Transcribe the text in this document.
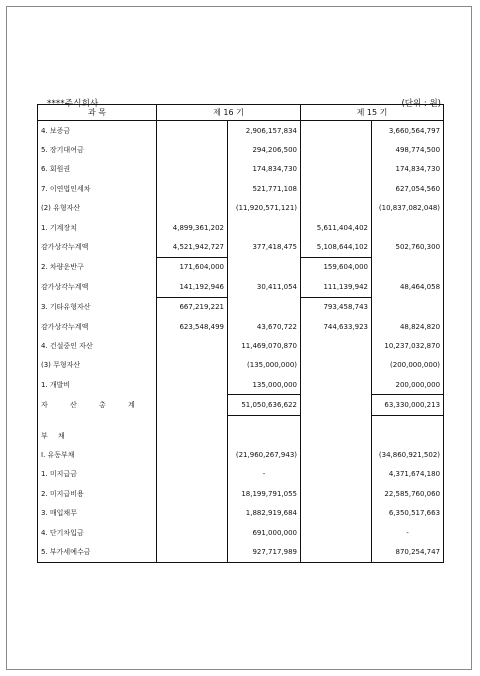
****주식회사	(단위 : 원)
과 목	제 16 기		제 15 기	
4. 보증금		2,906,157,834		3,660,564,797
5. 장기대여금		294,206,500		498,774,500
6. 회원권		174,834,730		174,834,730
7. 이연법인세차		521,771,108		627,054,560
(2) 유형자산		(11,920,571,121)		(10,837,082,048)
1. 기계장치	4,899,361,202		5,611,404,402	
감가상각누계액	4,521,942,727	377,418,475	5,108,644,102	502,760,300
2. 차량운반구	171,604,000		159,604,000	
감가상각누계액	141,192,946	30,411,054	111,139,942	48,464,058
3. 기타유형자산	667,219,221		793,458,743	
감가상각누계액	623,548,499	43,670,722	744,633,923	48,824,820
4. 건설중인 자산		11,469,070,870		10,237,032,870
(3) 무형자산		(135,000,000)		(200,000,000)
1. 개발비		135,000,000		200,000,000
자 산 총 계		51,050,636,622		63,330,000,213

부 채				
I. 유동부채		(21,960,267,943)		(34,860,921,502)
1. 미지급금		-		4,371,674,180
2. 미지급비용		18,199,791,055		22,585,760,060
3. 매입채무		1,882,919,684		6,350,517,663
4. 단기차입금		691,000,000		-
5. 부가세예수금		927,717,989		870,254,747
